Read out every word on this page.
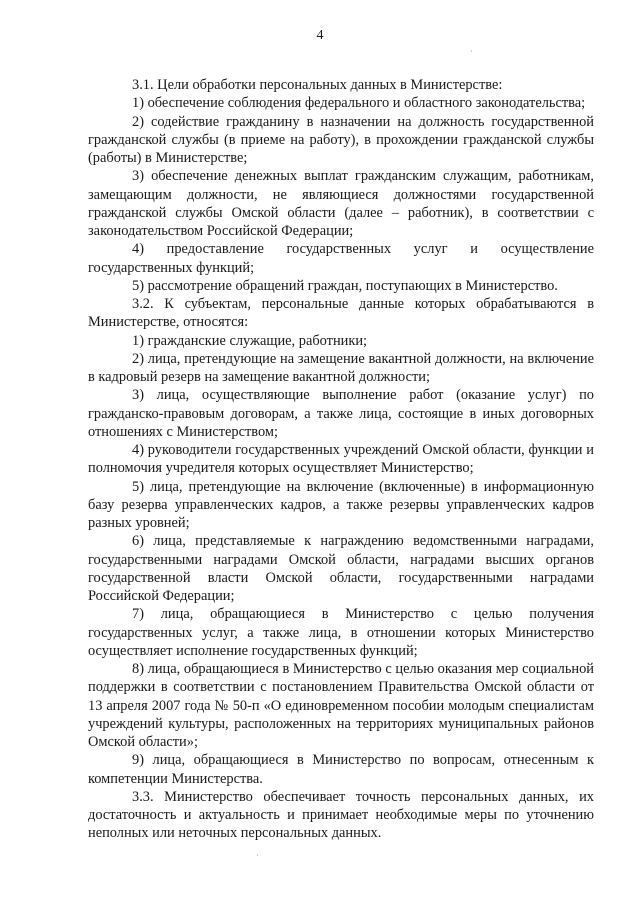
4

3.1. Цели обработки персональных данных в Министерстве:

1) обеспечение соблюдения федерального и областного законодательства;

2) содействие гражданину в назначении на должность государственной гражданской службы (в приеме на работу), в прохождении гражданской службы (работы) в Министерстве;

3) обеспечение денежных выплат гражданским служащим, работникам, замещающим должности, не являющиеся должностями государственной гражданской службы Омской области (далее – работник), в соответствии с законодательством Российской Федерации;

4) предоставление государственных услуг и осуществление государственных функций;

5) рассмотрение обращений граждан, поступающих в Министерство.

3.2. К субъектам, персональные данные которых обрабатываются в Министерстве, относятся:

1) гражданские служащие, работники;

2) лица, претендующие на замещение вакантной должности, на включение в кадровый резерв на замещение вакантной должности;

3) лица, осуществляющие выполнение работ (оказание услуг) по гражданско-правовым договорам, а также лица, состоящие в иных договорных отношениях с Министерством;

4) руководители государственных учреждений Омской области, функции и полномочия учредителя которых осуществляет Министерство;

5) лица, претендующие на включение (включенные) в информационную базу резерва управленческих кадров, а также резервы управленческих кадров разных уровней;

6) лица, представляемые к награждению ведомственными наградами, государственными наградами Омской области, наградами высших органов государственной власти Омской области, государственными наградами Российской Федерации;

7) лица, обращающиеся в Министерство с целью получения государственных услуг, а также лица, в отношении которых Министерство осуществляет исполнение государственных функций;

8) лица, обращающиеся в Министерство с целью оказания мер социальной поддержки в соответствии с постановлением Правительства Омской области от 13 апреля 2007 года № 50-п «О единовременном пособии молодым специалистам учреждений культуры, расположенных на территориях муниципальных районов Омской области»;

9) лица, обращающиеся в Министерство по вопросам, отнесенным к компетенции Министерства.

3.3. Министерство обеспечивает точность персональных данных, их достаточность и актуальность и принимает необходимые меры по уточнению неполных или неточных персональных данных.

·
·
